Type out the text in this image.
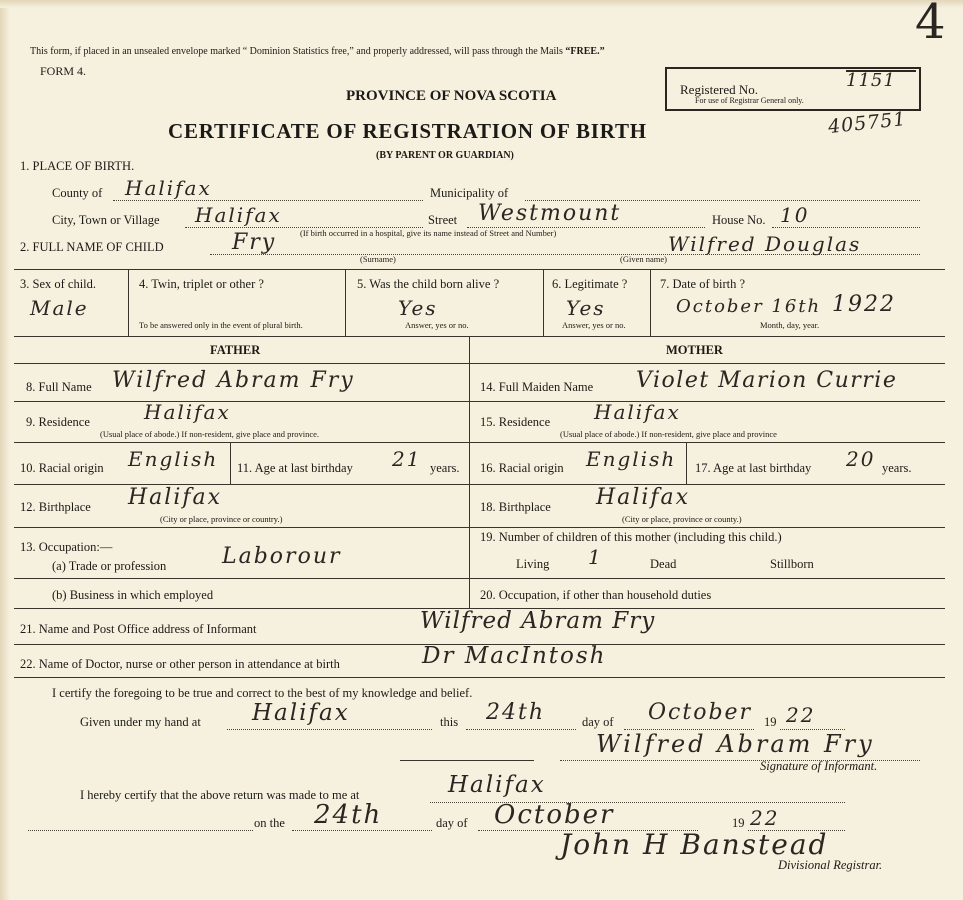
This form, if placed in an unsealed envelope marked “ Dominion Statistics free,” and properly addressed, will pass through the Mails “FREE.”
FORM 4.
PROVINCE OF NOVA SCOTIA
CERTIFICATE OF REGISTRATION OF BIRTH
(BY PARENT OR GUARDIAN)
Registered No.
For use of Registrar General only.
1151
405751
4
1. PLACE OF BIRTH.
County of Halifax	Municipality of
City, Town or Village Halifax	Street Westmount	House No. 10
(If birth occurred in a hospital, give its name instead of Street and Number)
2. FULL NAME OF CHILD	Fry
(Surname)	(Given name)
Wilfred Douglas
3. Sex of child.
Male
4. Twin, triplet or other ?
To be answered only in the event of plural birth.
5. Was the child born alive ?
Yes
Answer, yes or no.
6. Legitimate ?
Yes
Answer, yes or no.
7. Date of birth ?
October 16th 1922
Month, day, year.
FATHER	MOTHER
8. Full Name Wilfred Abram Fry	14. Full Maiden Name Violet Marion Currie
9. Residence	Halifax
(Usual place of abode.) If non-resident, give place and province.
15. Residence Halifax
(Usual place of abode.) If non-resident, give place and province
10. Racial origin English 11. Age at last birthday 21 years. 16. Racial origin English 17. Age at last birthday 20 years.
12. Birthplace Halifax
(City or place, province or country.)
18. Birthplace Halifax
(City or place, province or county.)
13. Occupation:—
(a) Trade or profession	Laborour
19. Number of children of this mother (including this child.)
Living 1	Dead	Stillborn
(b) Business in which employed	20. Occupation, if other than household duties
21. Name and Post Office address of Informant	Wilfred Abram Fry
22. Name of Doctor, nurse or other person in attendance at birth	Dr MacIntosh
I certify the foregoing to be true and correct to the best of my knowledge and belief.
Given under my hand at Halifax	this 24th	day of October 19 22
Wilfred Abram Fry
Signature of Informant.
I hereby certify that the above return was made to me at	Halifax
on the 24th	day of October	19 22
John H Banstead
Divisional Registrar.
